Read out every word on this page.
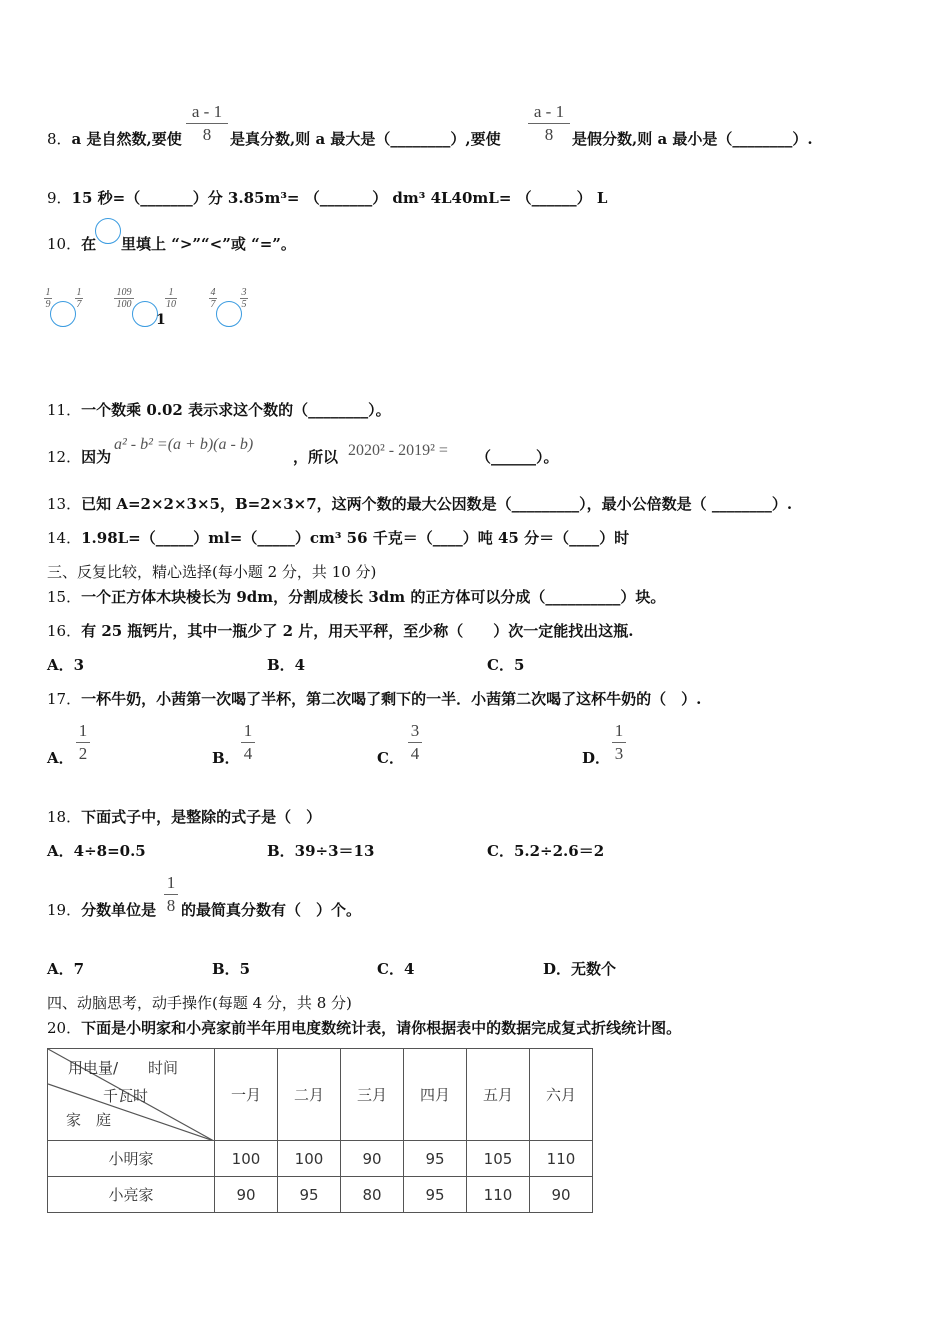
8．a 是自然数,要使
a - 1
8	是真分数,则 a 最大是（________）,要使
a - 1
8	是假分数,则 a 最小是（________）.
9．15 秒=（_______）分 3.85m³= （_______） dm³ 4L40mL= （______） L
10．在 里填上 “>”“<”或 “=”。
1
9
1
7
109
100
1
1
10
4
7
3
5
11．一个数乘 0.02 表示求这个数的（________）。
12．因为
a² - b² =(a + b)(a - b)
，所以 2020² - 2019² = （______）。
13．已知 A=2×2×3×5，B=2×3×7，这两个数的最大公因数是（_________），最小公倍数是（ ________）.
14．1.98L=（_____）ml=（_____）cm³ 56 千克＝（____）吨 45 分＝（____）时
三、反复比较，精心选择(每小题 2 分，共 10 分)
15．一个正方体木块棱长为 9dm，分割成棱长 3dm 的正方体可以分成（__________）块。
16．有 25 瓶钙片，其中一瓶少了 2 片，用天平秤，至少称（　　）次一定能找出这瓶.
A．3	B．4	C．5
17．一杯牛奶，小茜第一次喝了半杯，第二次喝了剩下的一半．小茜第二次喝了这杯牛奶的（　）.
A．
1
2	B．
1
4	C．
3
4	D．
1
3
18．下面式子中，是整除的式子是（　）
A．4÷8=0.5	B．39÷3＝13	C．5.2÷2.6＝2
19．分数单位是
1
8 的最简真分数有（　）个。
A．7	B．5	C．4	D．无数个
四、动脑思考，动手操作(每题 4 分，共 8 分)
20．下面是小明家和小亮家前半年用电度数统计表，请你根据表中的数据完成复式折线统计图。
用电量/　　时间
千瓦时
家　庭	一月	二月	三月	四月	五月	六月
小明家	100	100	90	95	105	110
小亮家	90	95	80	95	110	90
